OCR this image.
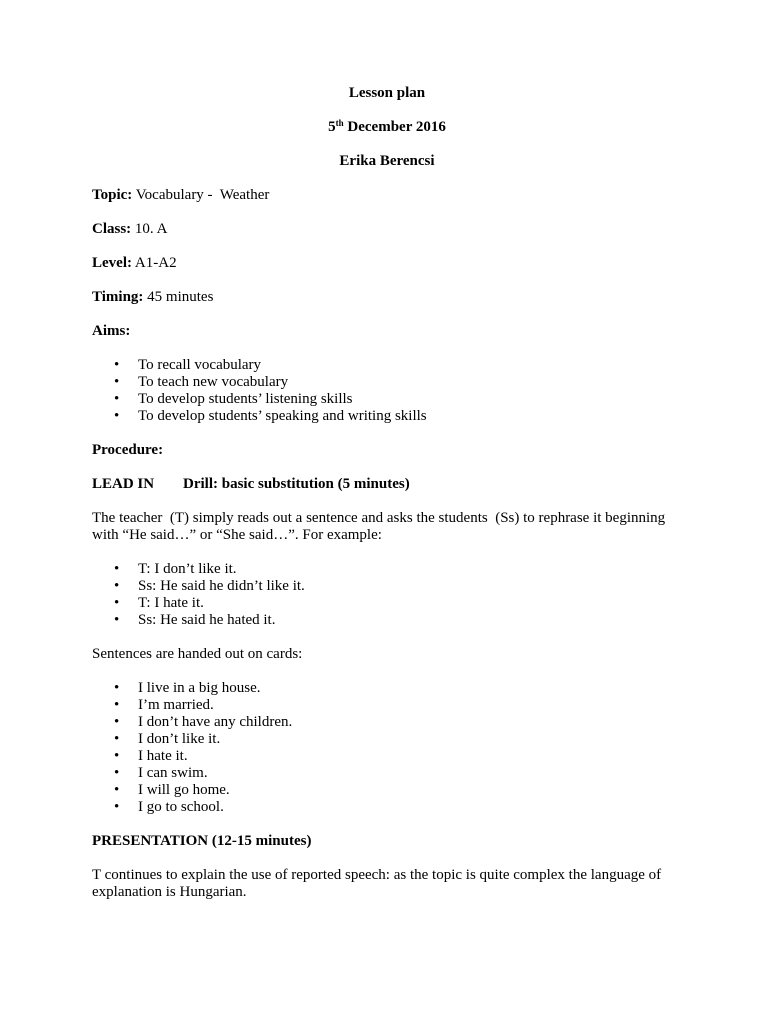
Lesson plan
5th December 2016
Erika Berencsi

Topic: Vocabulary -  Weather

Class: 10. A

Level: A1-A2

Timing: 45 minutes

Aims:

• To recall vocabulary
• To teach new vocabulary
• To develop students’ listening skills
• To develop students’ speaking and writing skills

Procedure:

LEAD IN Drill: basic substitution (5 minutes)

The teacher  (T) simply reads out a sentence and asks the students  (Ss) to rephrase it beginning with “He said…” or “She said…”. For example:

• T: I don’t like it.
• Ss: He said he didn’t like it.
• T: I hate it.
• Ss: He said he hated it.

Sentences are handed out on cards:

• I live in a big house.
• I’m married.
• I don’t have any children.
• I don’t like it.
• I hate it.
• I can swim.
• I will go home.
• I go to school.

PRESENTATION (12-15 minutes)

T continues to explain the use of reported speech: as the topic is quite complex the language of explanation is Hungarian.
